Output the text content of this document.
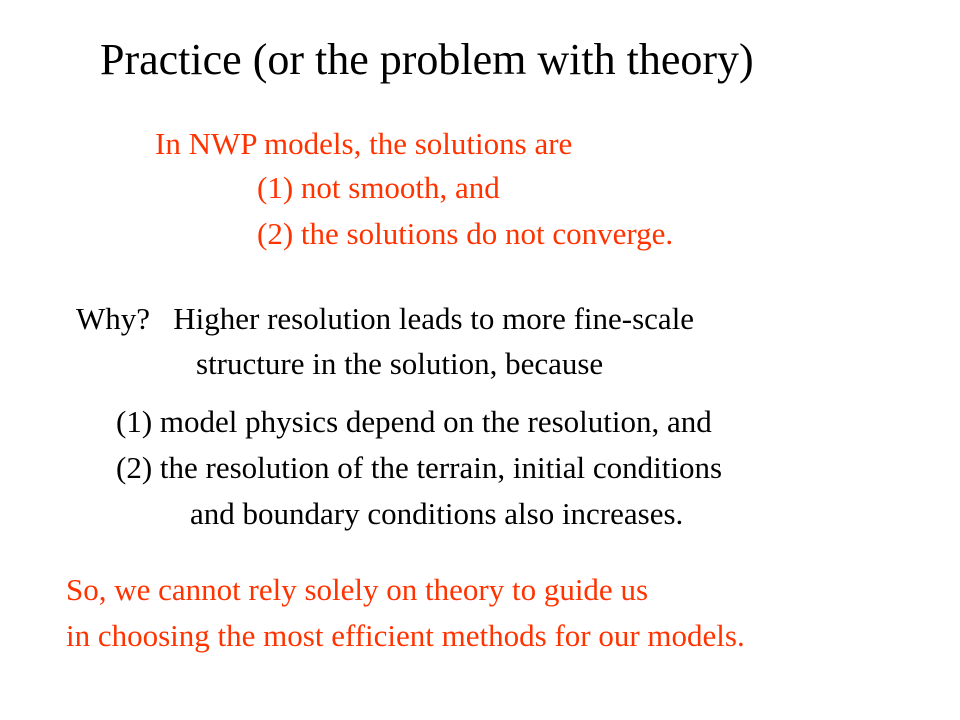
Practice (or the problem with theory)
In NWP models, the solutions are
(1) not smooth, and
(2) the solutions do not converge.
Why?   Higher resolution leads to more fine-scale
structure in the solution, because
(1) model physics depend on the resolution, and
(2) the resolution of the terrain, initial conditions
and boundary conditions also increases.
So, we cannot rely solely on theory to guide us
in choosing the most efficient methods for our models.
